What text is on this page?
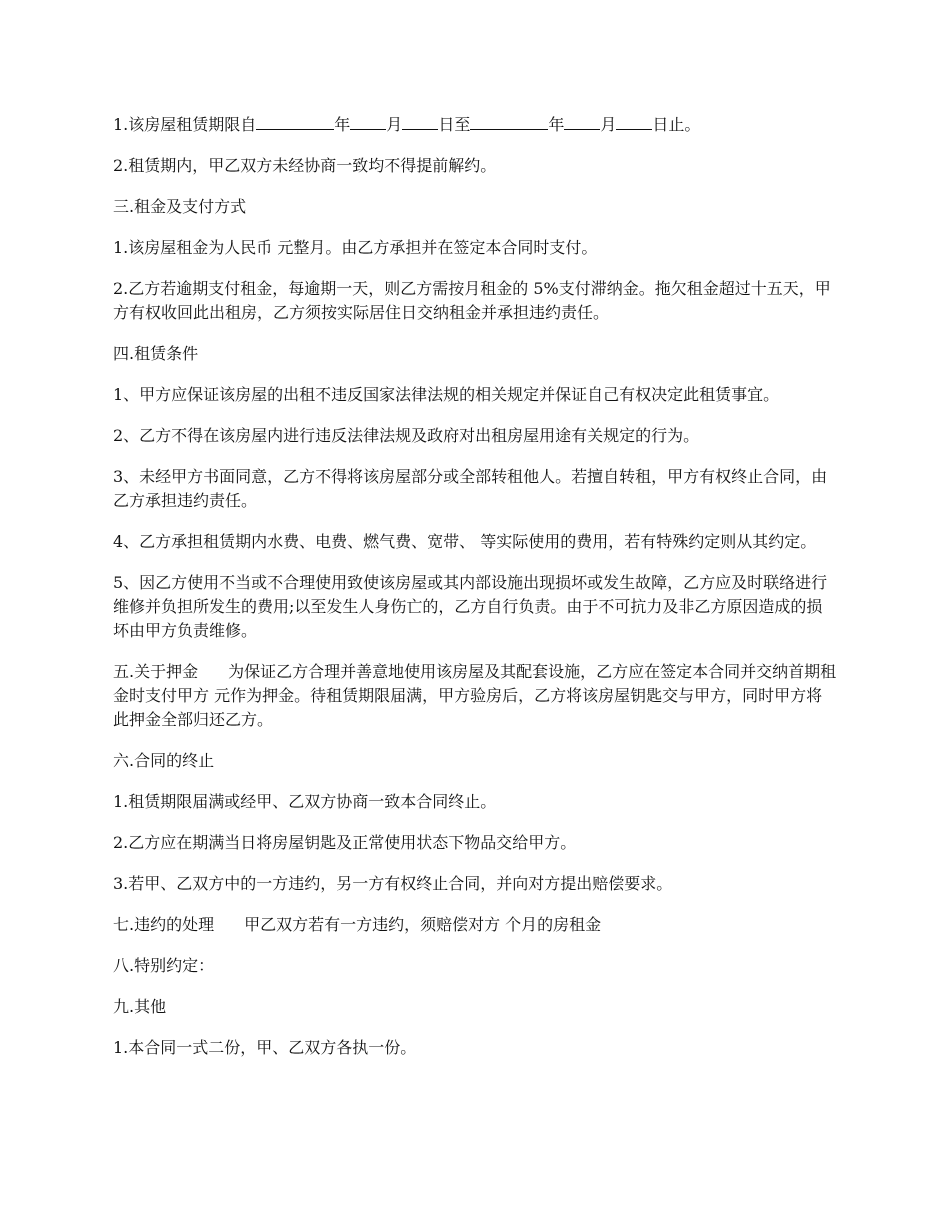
1.该房屋租赁期限自	年 月 日至	年 月 日止。

2.租赁期内，甲乙双方未经协商一致均不得提前解约。

三.租金及支付方式

1.该房屋租金为人民币 元整月。由乙方承担并在签定本合同时支付。

2.乙方若逾期支付租金，每逾期一天，则乙方需按月租金的 5%支付滞纳金。拖欠租金超过十五天，甲方有权收回此出租房，乙方须按实际居住日交纳租金并承担违约责任。

四.租赁条件

1、甲方应保证该房屋的出租不违反国家法律法规的相关规定并保证自己有权决定此租赁事宜。

2、乙方不得在该房屋内进行违反法律法规及政府对出租房屋用途有关规定的行为。

3、未经甲方书面同意，乙方不得将该房屋部分或全部转租他人。若擅自转租，甲方有权终止合同，由乙方承担违约责任。

4、乙方承担租赁期内水费、电费、燃气费、宽带、 等实际使用的费用，若有特殊约定则从其约定。

5、因乙方使用不当或不合理使用致使该房屋或其内部设施出现损坏或发生故障，乙方应及时联络进行维修并负担所发生的费用;以至发生人身伤亡的，乙方自行负责。由于不可抗力及非乙方原因造成的损坏由甲方负责维修。

五.关于押金 为保证乙方合理并善意地使用该房屋及其配套设施，乙方应在签定本合同并交纳首期租金时支付甲方 元作为押金。待租赁期限届满，甲方验房后，乙方将该房屋钥匙交与甲方，同时甲方将此押金全部归还乙方。

六.合同的终止

1.租赁期限届满或经甲、乙双方协商一致本合同终止。

2.乙方应在期满当日将房屋钥匙及正常使用状态下物品交给甲方。

3.若甲、乙双方中的一方违约，另一方有权终止合同，并向对方提出赔偿要求。

七.违约的处理 甲乙双方若有一方违约，须赔偿对方 个月的房租金

八.特别约定：

九.其他

1.本合同一式二份，甲、乙双方各执一份。
